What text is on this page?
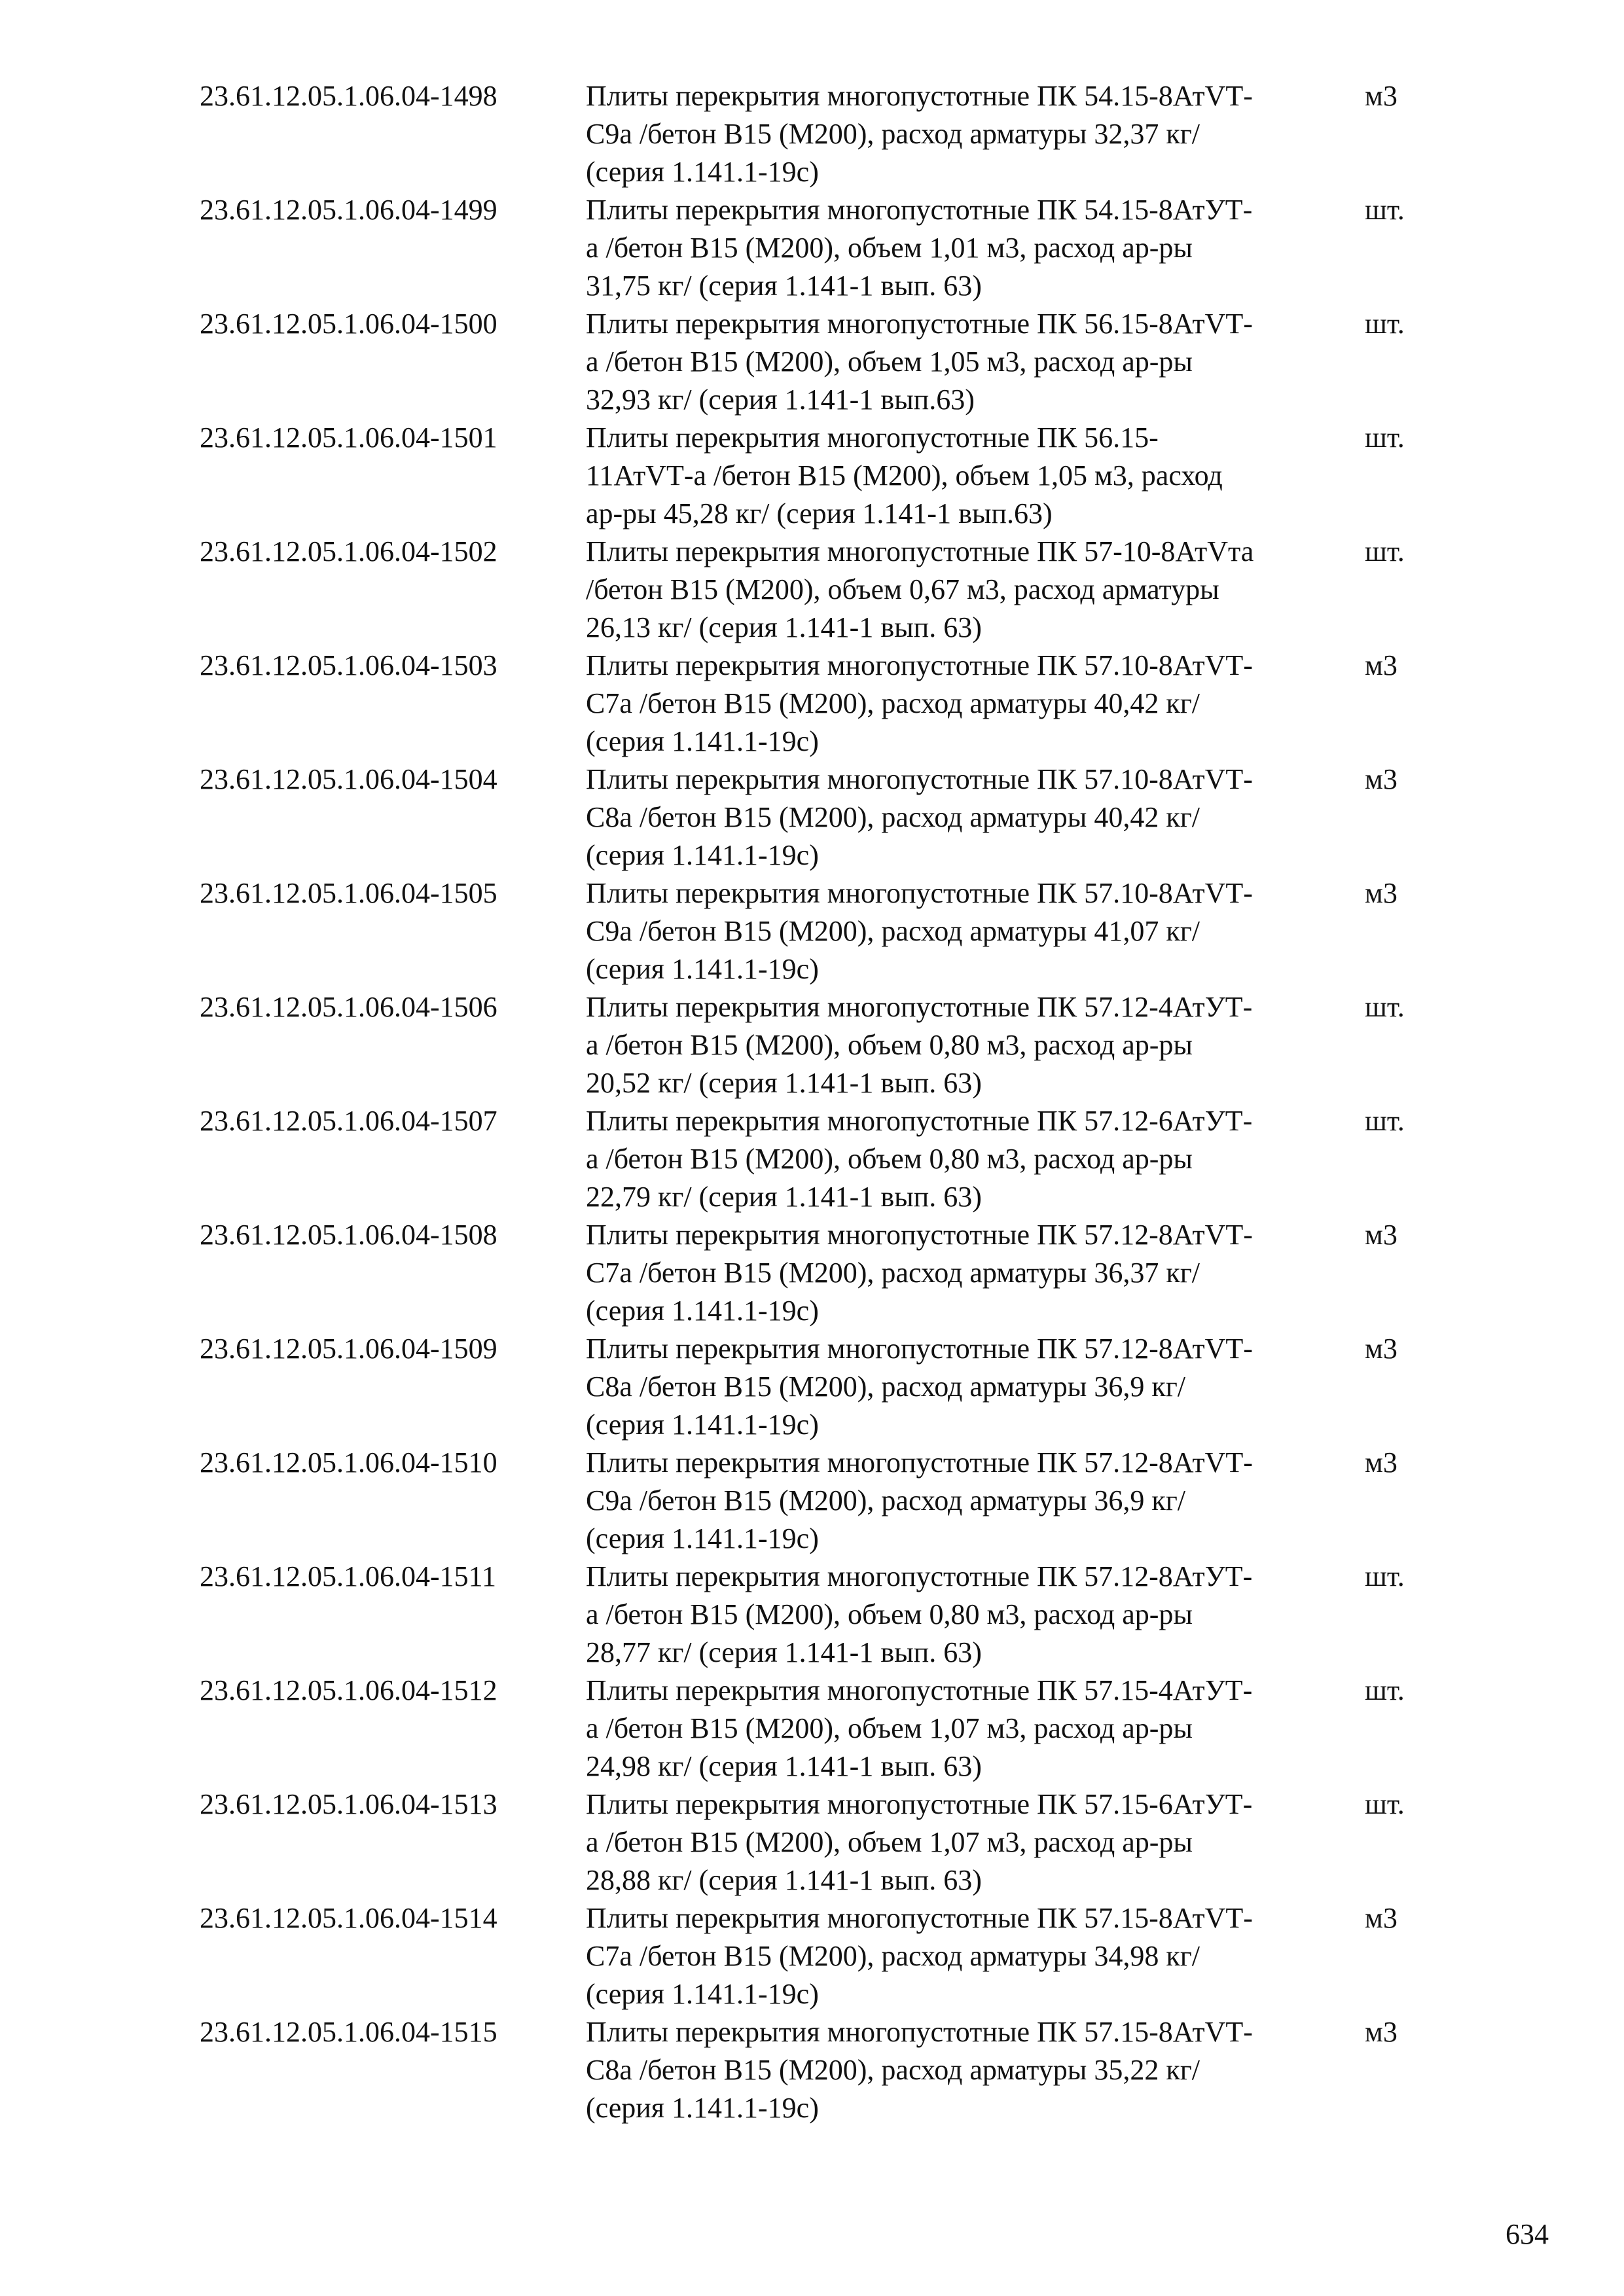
23.61.12.05.1.06.04-1498	Плиты перекрытия многопустотные ПК 54.15-8АтVТ-
С9а /бетон В15 (М200), расход арматуры 32,37 кг/
(серия 1.141.1-19с)
м3
23.61.12.05.1.06.04-1499	Плиты перекрытия многопустотные ПК 54.15-8АтУТ-
а /бетон В15 (М200), объем 1,01 м3, расход ар-ры
31,75 кг/ (серия 1.141-1 вып. 63)
шт.
23.61.12.05.1.06.04-1500	Плиты перекрытия многопустотные ПК 56.15-8АтVТ-
а /бетон В15 (М200), объем 1,05 м3, расход ар-ры
32,93 кг/ (серия 1.141-1 вып.63)
шт.
23.61.12.05.1.06.04-1501	Плиты перекрытия многопустотные ПК 56.15-
11АтVТ-а /бетон В15 (М200), объем 1,05 м3, расход
ар-ры 45,28 кг/ (серия 1.141-1 вып.63)
шт.
23.61.12.05.1.06.04-1502	Плиты перекрытия многопустотные ПК 57-10-8АтVта
/бетон В15 (М200), объем 0,67 м3, расход арматуры
26,13 кг/ (серия 1.141-1 вып. 63)
шт.
23.61.12.05.1.06.04-1503	Плиты перекрытия многопустотные ПК 57.10-8АтVТ-
С7а /бетон В15 (М200), расход арматуры 40,42 кг/
(серия 1.141.1-19с)
м3
23.61.12.05.1.06.04-1504	Плиты перекрытия многопустотные ПК 57.10-8АтVТ-
С8а /бетон В15 (М200), расход арматуры 40,42 кг/
(серия 1.141.1-19с)
м3
23.61.12.05.1.06.04-1505	Плиты перекрытия многопустотные ПК 57.10-8АтVТ-
С9а /бетон В15 (М200), расход арматуры 41,07 кг/
(серия 1.141.1-19с)
м3
23.61.12.05.1.06.04-1506	Плиты перекрытия многопустотные ПК 57.12-4АтУТ-
а /бетон В15 (М200), объем 0,80 м3, расход ар-ры
20,52 кг/ (серия 1.141-1 вып. 63)
шт.
23.61.12.05.1.06.04-1507	Плиты перекрытия многопустотные ПК 57.12-6АтУТ-
а /бетон В15 (М200), объем 0,80 м3, расход ар-ры
22,79 кг/ (серия 1.141-1 вып. 63)
шт.
23.61.12.05.1.06.04-1508	Плиты перекрытия многопустотные ПК 57.12-8АтVТ-
С7а /бетон В15 (М200), расход арматуры 36,37 кг/
(серия 1.141.1-19с)
м3
23.61.12.05.1.06.04-1509	Плиты перекрытия многопустотные ПК 57.12-8АтVТ-
С8а /бетон В15 (М200), расход арматуры 36,9 кг/
(серия 1.141.1-19с)
м3
23.61.12.05.1.06.04-1510	Плиты перекрытия многопустотные ПК 57.12-8АтVТ-
С9а /бетон В15 (М200), расход арматуры 36,9 кг/
(серия 1.141.1-19с)
м3
23.61.12.05.1.06.04-1511	Плиты перекрытия многопустотные ПК 57.12-8АтУТ-
а /бетон В15 (М200), объем 0,80 м3, расход ар-ры
28,77 кг/ (серия 1.141-1 вып. 63)
шт.
23.61.12.05.1.06.04-1512	Плиты перекрытия многопустотные ПК 57.15-4АтУТ-
а /бетон В15 (М200), объем 1,07 м3, расход ар-ры
24,98 кг/ (серия 1.141-1 вып. 63)
шт.
23.61.12.05.1.06.04-1513	Плиты перекрытия многопустотные ПК 57.15-6АтУТ-
а /бетон В15 (М200), объем 1,07 м3, расход ар-ры
28,88 кг/ (серия 1.141-1 вып. 63)
шт.
23.61.12.05.1.06.04-1514	Плиты перекрытия многопустотные ПК 57.15-8АтVТ-
С7а /бетон В15 (М200), расход арматуры 34,98 кг/
(серия 1.141.1-19с)
м3
23.61.12.05.1.06.04-1515	Плиты перекрытия многопустотные ПК 57.15-8АтVТ-
С8а /бетон В15 (М200), расход арматуры 35,22 кг/
(серия 1.141.1-19с)
м3
634
